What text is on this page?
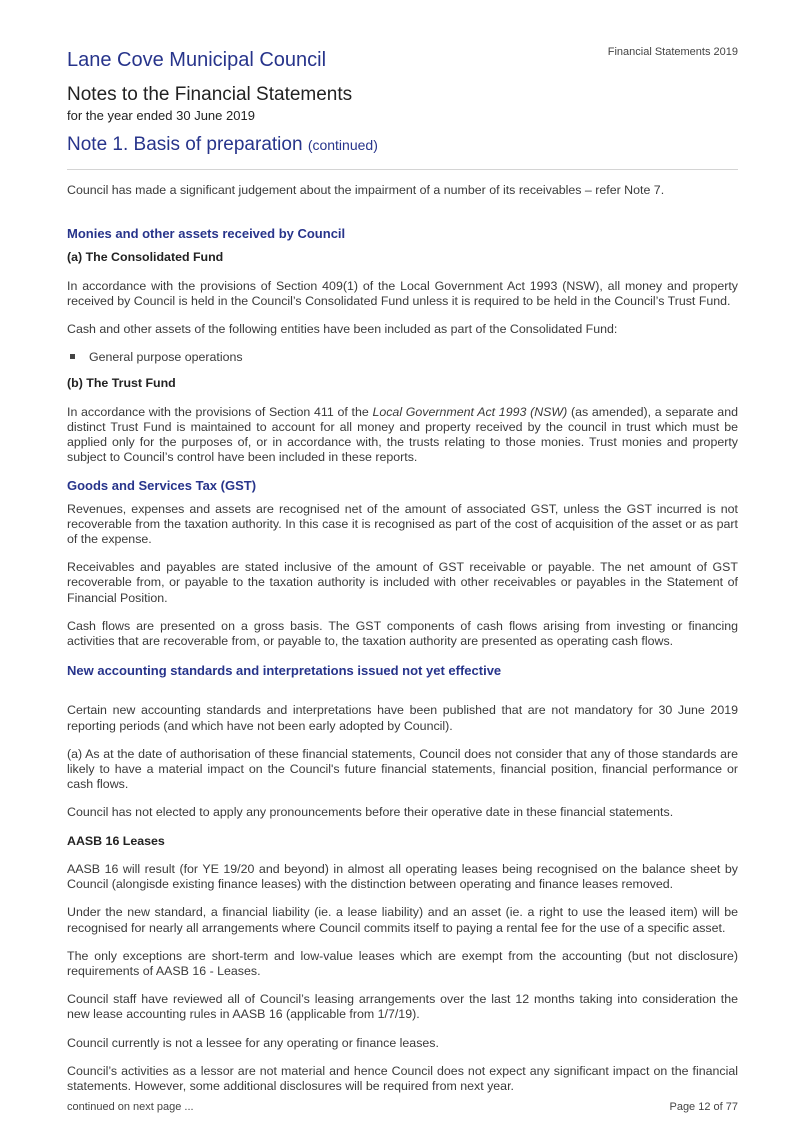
Financial Statements 2019
Lane Cove Municipal Council
Notes to the Financial Statements
for the year ended 30 June 2019
Note 1. Basis of preparation (continued)

Council has made a significant judgement about the impairment of a number of its receivables – refer Note 7.

Monies and other assets received by Council

(a) The Consolidated Fund

In accordance with the provisions of Section 409(1) of the Local Government Act 1993 (NSW), all money and property received by Council is held in the Council’s Consolidated Fund unless it is required to be held in the Council’s Trust Fund.

Cash and other assets of the following entities have been included as part of the Consolidated Fund:

General purpose operations

(b) The Trust Fund

In accordance with the provisions of Section 411 of the Local Government Act 1993 (NSW) (as amended), a separate and distinct Trust Fund is maintained to account for all money and property received by the council in trust which must be applied only for the purposes of, or in accordance with, the trusts relating to those monies. Trust monies and property subject to Council’s control have been included in these reports.

Goods and Services Tax (GST)

Revenues, expenses and assets are recognised net of the amount of associated GST, unless the GST incurred is not recoverable from the taxation authority. In this case it is recognised as part of the cost of acquisition of the asset or as part of the expense.

Receivables and payables are stated inclusive of the amount of GST receivable or payable. The net amount of GST recoverable from, or payable to the taxation authority is included with other receivables or payables in the Statement of Financial Position.

Cash flows are presented on a gross basis. The GST components of cash flows arising from investing or financing activities that are recoverable from, or payable to, the taxation authority are presented as operating cash flows.

New accounting standards and interpretations issued not yet effective

Certain new accounting standards and interpretations have been published that are not mandatory for 30 June 2019 reporting periods (and which have not been early adopted by Council).

(a) As at the date of authorisation of these financial statements, Council does not consider that any of those standards are likely to have a material impact on the Council's future financial statements, financial position, financial performance or cash flows.

Council has not elected to apply any pronouncements before their operative date in these financial statements.

AASB 16 Leases

AASB 16 will result (for YE 19/20 and beyond) in almost all operating leases being recognised on the balance sheet by Council (alongisde existing finance leases) with the distinction between operating and finance leases removed.

Under the new standard, a financial liability (ie. a lease liability) and an asset (ie. a right to use the leased item) will be recognised for nearly all arrangements where Council commits itself to paying a rental fee for the use of a specific asset.

The only exceptions are short-term and low-value leases which are exempt from the accounting (but not disclosure) requirements of AASB 16 - Leases.

Council staff have reviewed all of Council’s leasing arrangements over the last 12 months taking into consideration the new lease accounting rules in AASB 16 (applicable from 1/7/19).

Council currently is not a lessee for any operating or finance leases.

Council’s activities as a lessor are not material and hence Council does not expect any significant impact on the financial statements. However, some additional disclosures will be required from next year.

continued on next page ...	Page 12 of 77
